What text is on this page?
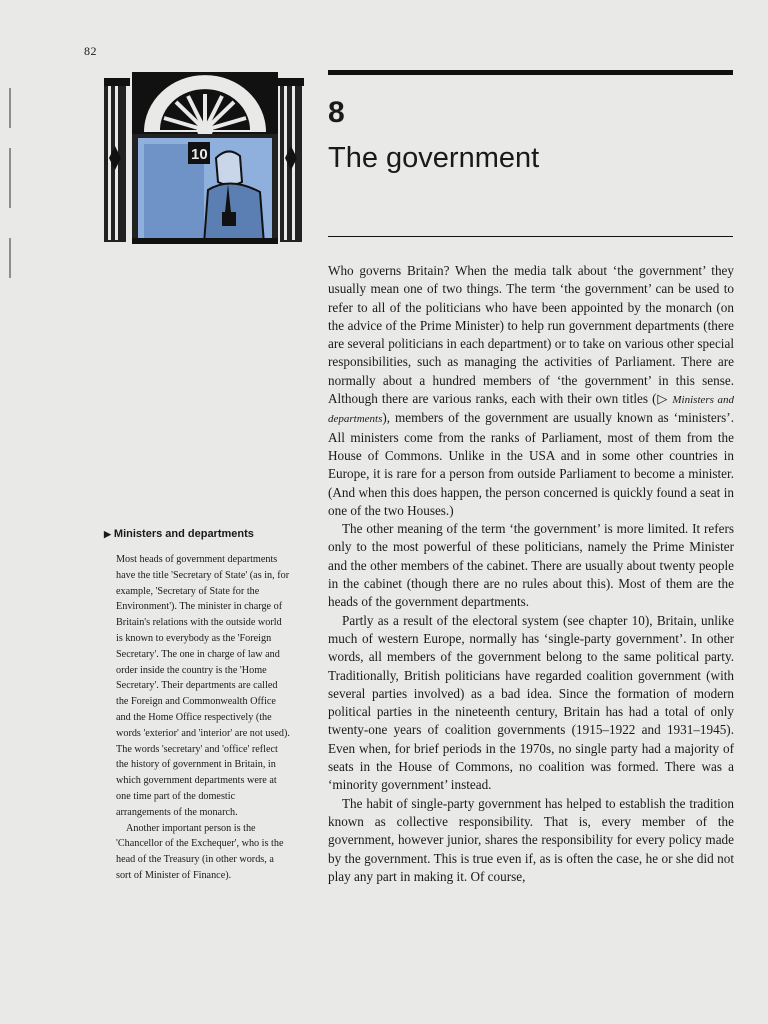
82
10
8
The government

Who governs Britain? When the media talk about ‘the government’ they usually mean one of two things. The term ‘the government’ can be used to refer to all of the politicians who have been appointed by the monarch (on the advice of the Prime Minister) to help run government departments (there are several politicians in each department) or to take on various other special responsibilities, such as managing the activities of Parliament. There are normally about a hundred members of ‘the government’ in this sense. Although there are various ranks, each with their own titles (▷ Ministers and departments), members of the government are usually known as ‘ministers’. All ministers come from the ranks of Parliament, most of them from the House of Commons. Unlike in the USA and in some other countries in Europe, it is rare for a person from outside Parliament to become a minister. (And when this does happen, the person concerned is quickly found a seat in one of the two Houses.)

The other meaning of the term ‘the government’ is more limited. It refers only to the most powerful of these politicians, namely the Prime Minister and the other members of the cabinet. There are usually about twenty people in the cabinet (though there are no rules about this). Most of them are the heads of the government departments.

Partly as a result of the electoral system (see chapter 10), Britain, unlike much of western Europe, normally has ‘single-party government’. In other words, all members of the government belong to the same political party. Traditionally, British politicians have regarded coalition government (with several parties involved) as a bad idea. Since the formation of modern political parties in the nineteenth century, Britain has had a total of only twenty-one years of coalition governments (1915–1922 and 1931–1945). Even when, for brief periods in the 1970s, no single party had a majority of seats in the House of Commons, no coalition was formed. There was a ‘minority government’ instead.

The habit of single-party government has helped to establish the tradition known as collective responsibility. That is, every member of the government, however junior, shares the responsibility for every policy made by the government. This is true even if, as is often the case, he or she did not play any part in making it. Of course,

▶ Ministers and departments

Most heads of government departments have the title 'Secretary of State' (as in, for example, 'Secretary of State for the Environment'). The minister in charge of Britain's relations with the outside world is known to everybody as the 'Foreign Secretary'. The one in charge of law and order inside the country is the 'Home Secretary'. Their departments are called the Foreign and Commonwealth Office and the Home Office respectively (the words 'exterior' and 'interior' are not used). The words 'secretary' and 'office' reflect the history of government in Britain, in which government departments were at one time part of the domestic arrangements of the monarch.

Another important person is the 'Chancellor of the Exchequer', who is the head of the Treasury (in other words, a sort of Minister of Finance).
